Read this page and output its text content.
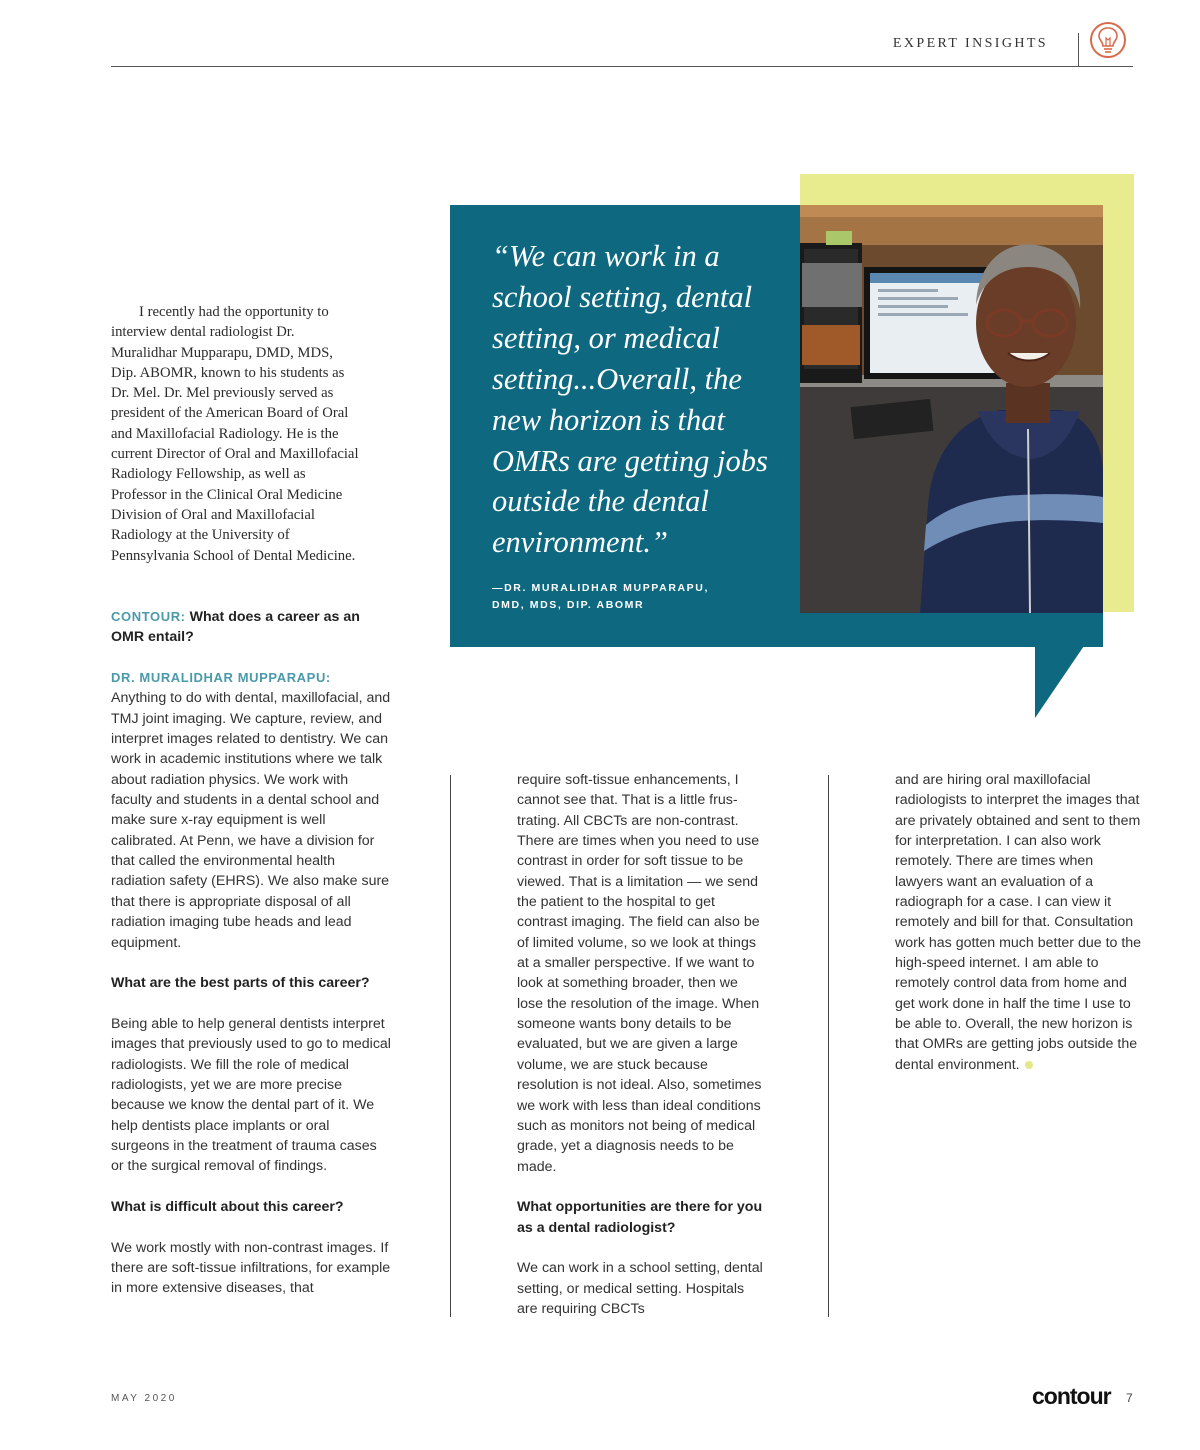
EXPERT INSIGHTS

I recently had the opportunity to interview dental radiologist Dr. Muralidhar Mupparapu, DMD, MDS, Dip. ABOMR, known to his students as Dr. Mel. Dr. Mel previously served as president of the American Board of Oral and Maxillofacial Radiology. He is the current Director of Oral and Maxillofacial Radiology Fellowship, as well as Professor in the Clinical Oral Medicine Division of Oral and Maxillofacial Radiology at the University of Pennsylvania School of Dental Medicine.

CONTOUR: What does a career as an OMR entail?

DR. MURALIDHAR MUPPARAPU:
Anything to do with dental, maxillofacial, and TMJ joint imaging. We capture, review, and interpret images related to dentistry. We can work in academic institutions where we talk about radiation physics. We work with faculty and students in a dental school and make sure x-ray equipment is well calibrated. At Penn, we have a division for that called the environmental health radiation safety (EHRS). We also make sure that there is appropriate disposal of all radiation imaging tube heads and lead equipment.

What are the best parts of this career?

Being able to help general dentists interpret images that previously used to go to medical radiologists. We fill the role of medical radiologists, yet we are more precise because we know the dental part of it. We help dentists place implants or oral surgeons in the treatment of trauma cases or the surgical removal of findings.

What is difficult about this career?

We work mostly with non-contrast images. If there are soft-tissue infiltrations, for example in more extensive diseases, that

require soft-tissue enhancements, I cannot see that. That is a little frus-trating. All CBCTs are non-contrast. There are times when you need to use contrast in order for soft tissue to be viewed. That is a limitation — we send the patient to the hospital to get contrast imaging. The field can also be of limited volume, so we look at things at a smaller perspective. If we want to look at something broader, then we lose the resolution of the image. When someone wants bony details to be evaluated, but we are given a large volume, we are stuck because resolution is not ideal. Also, sometimes we work with less than ideal conditions such as monitors not being of medical grade, yet a diagnosis needs to be made.

What opportunities are there for you as a dental radiologist?

We can work in a school setting, dental setting, or medical setting. Hospitals are requiring CBCTs

and are hiring oral maxillofacial radiologists to interpret the images that are privately obtained and sent to them for interpretation. I can also work remotely. There are times when lawyers want an evaluation of a radiograph for a case. I can view it remotely and bill for that. Consultation work has gotten much better due to the high-speed internet. I am able to remotely control data from home and get work done in half the time I use to be able to. Overall, the new horizon is that OMRs are getting jobs outside the dental environment.

“We can work in a school setting, dental setting, or medical setting...Overall, the new horizon is that OMRs are getting jobs outside the dental environment.”

—DR. MURALIDHAR MUPPARAPU,
DMD, MDS, DIP. ABOMR
MAY 2020	contour 7
